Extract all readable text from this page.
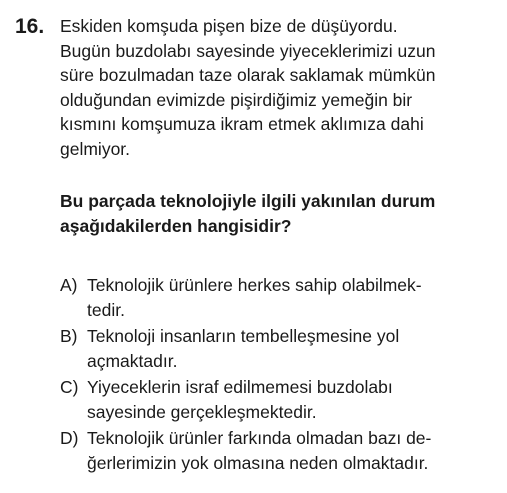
16. Eskiden komşuda pişen bize de düşüyordu.
Bugün buzdolabı sayesinde yiyeceklerimizi uzun
süre bozulmadan taze olarak saklamak mümkün
olduğundan evimizde pişirdiğimiz yemeğin bir
kısmını komşumuza ikram etmek aklımıza dahi
gelmiyor.
Bu parçada teknolojiyle ilgili yakınılan durum
aşağıdakilerden hangisidir?
A) Teknolojik ürünlere herkes sahip olabilmek-
tedir.
B) Teknoloji insanların tembelleşmesine yol
açmaktadır.
C) Yiyeceklerin israf edilmemesi buzdolabı
sayesinde gerçekleşmektedir.
D) Teknolojik ürünler farkında olmadan bazı de-
ğerlerimizin yok olmasına neden olmaktadır.
